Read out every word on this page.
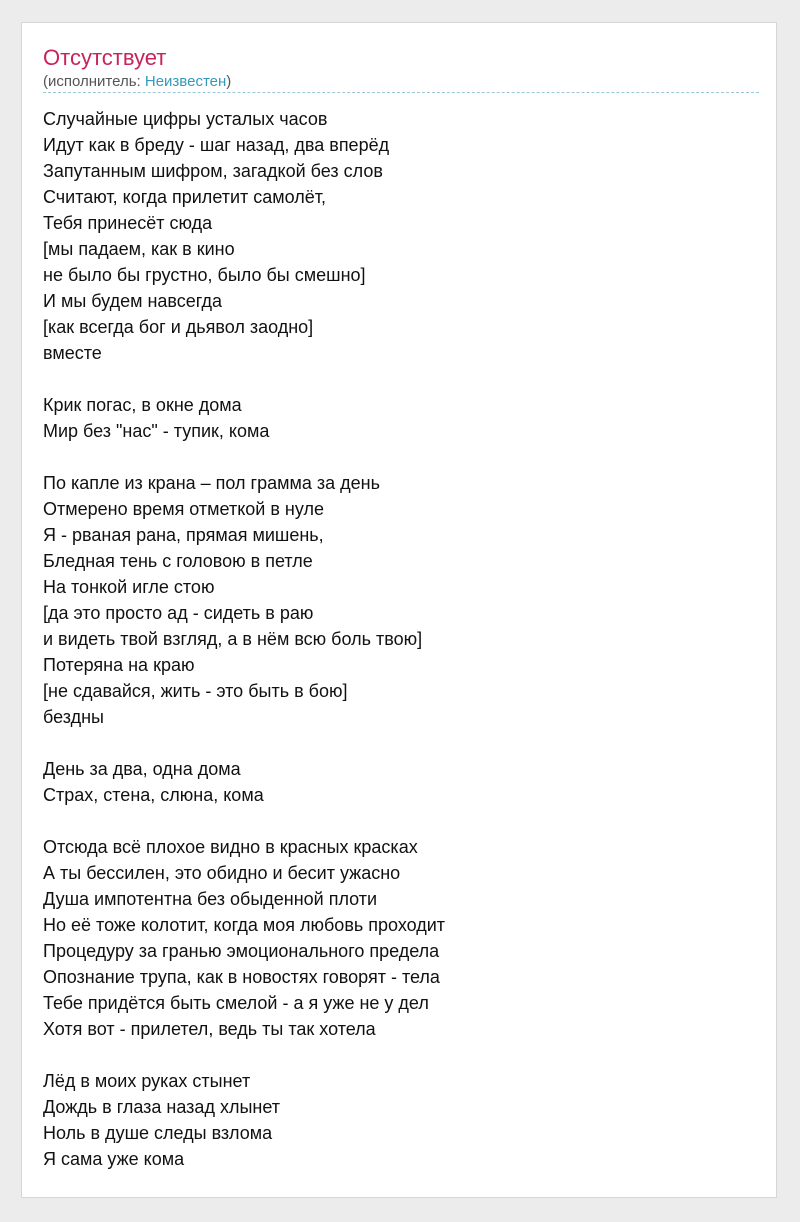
Отсутствует
(исполнитель: Неизвестен)
Случайные цифры усталых часов
Идут как в бреду - шаг назад, два вперёд
Запутанным шифром, загадкой без слов
Считают, когда прилетит самолёт,
Тебя принесёт сюда
[мы падаем, как в кино
не было бы грустно, было бы смешно]
И мы будем навсегда
[как всегда бог и дьявол заодно]
вместе
Крик погас, в окне дома
Мир без "нас" - тупик, кома
По капле из крана – пол грамма за день
Отмерено время отметкой в нуле
Я - рваная рана, прямая мишень,
Бледная тень с головою в петле
На тонкой игле стою
[да это просто ад - сидеть в раю
и видеть твой взгляд, а в нём всю боль твою]
Потеряна на краю
[не сдавайся, жить - это быть в бою]
бездны
День за два, одна дома
Страх, стена, слюна, кома
Отсюда всё плохое видно в красных красках
А ты бессилен, это обидно и бесит ужасно
Душа импотентна без обыденной плоти
Но её тоже колотит, когда моя любовь проходит
Процедуру за гранью эмоционального предела
Опознание трупа, как в новостях говорят - тела
Тебе придётся быть смелой - а я уже не у дел
Хотя вот - прилетел, ведь ты так хотела
Лёд в моих руках стынет
Дождь в глаза назад хлынет
Ноль в душе следы взлома
Я сама уже кома
